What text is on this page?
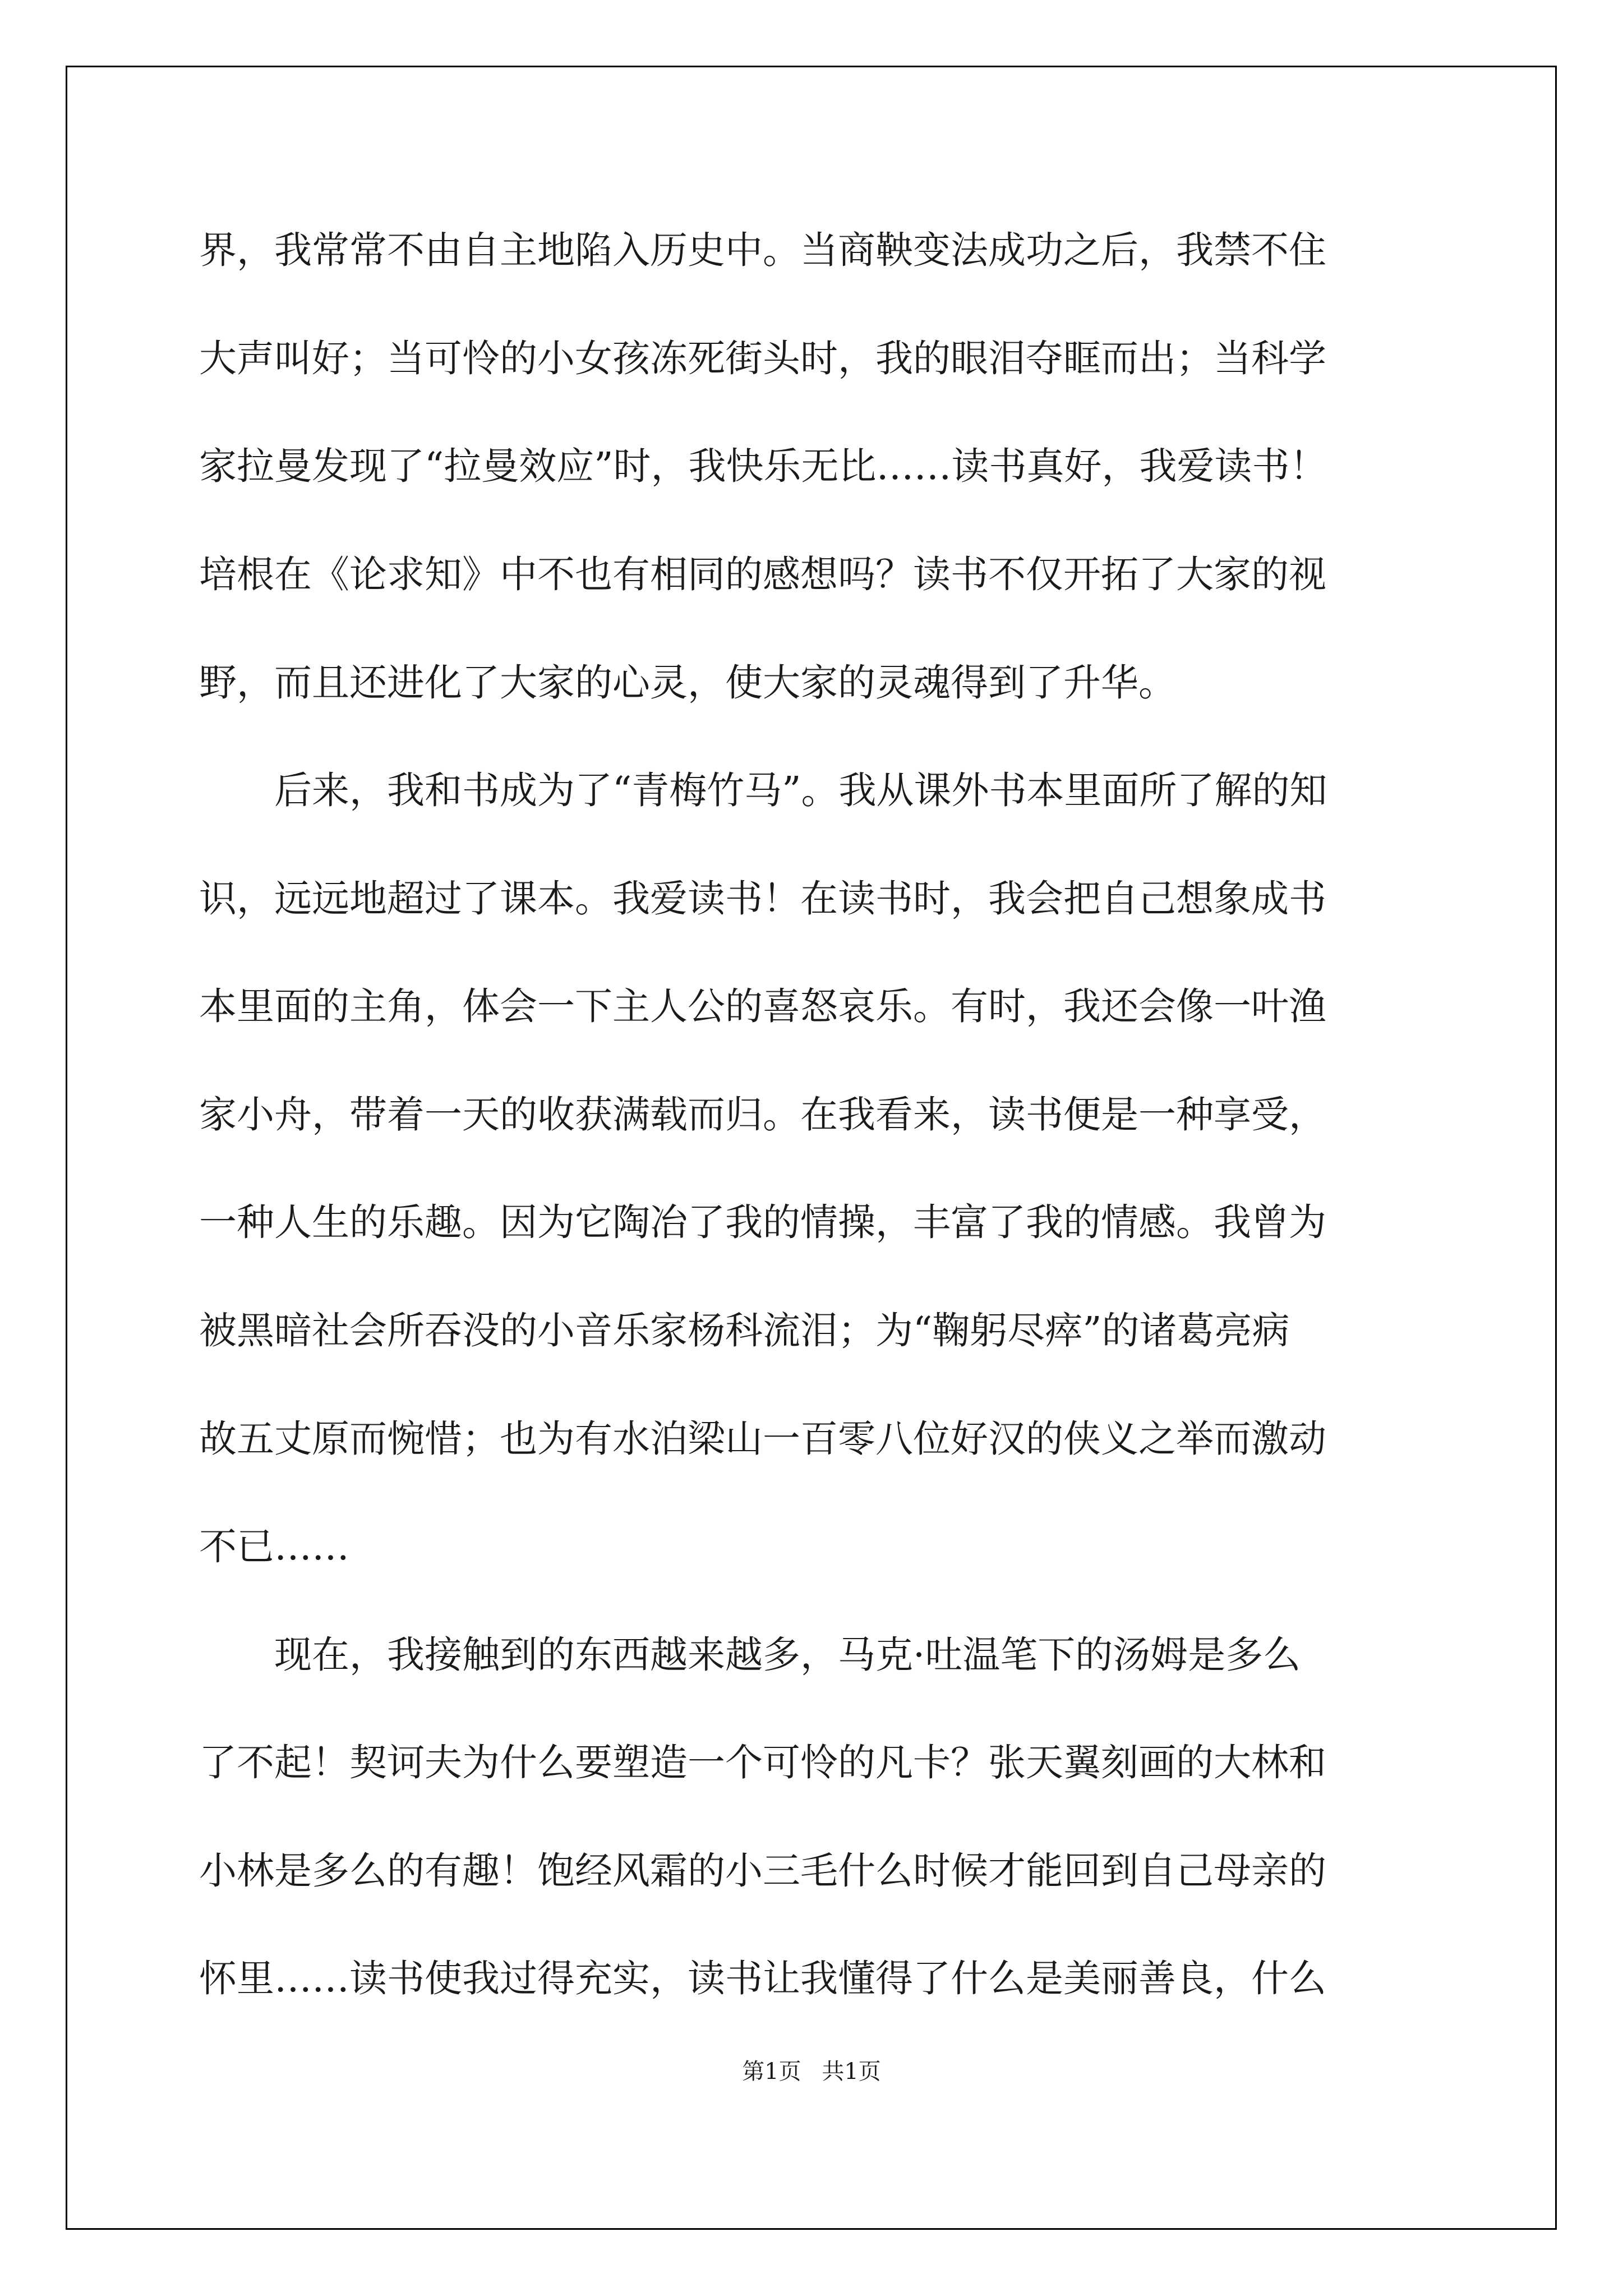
界，我常常不由自主地陷入历史中。当商鞅变法成功之后，我禁不住
大声叫好；当可怜的小女孩冻死街头时，我的眼泪夺眶而出；当科学
家拉曼发现了“拉曼效应”时，我快乐无比……读书真好，我爱读书！
培根在《论求知》中不也有相同的感想吗？读书不仅开拓了大家的视
野，而且还进化了大家的心灵，使大家的灵魂得到了升华。
　　后来，我和书成为了“青梅竹马”。我从课外书本里面所了解的知
识，远远地超过了课本。我爱读书！在读书时，我会把自己想象成书
本里面的主角，体会一下主人公的喜怒哀乐。有时，我还会像一叶渔
家小舟，带着一天的收获满载而归。在我看来，读书便是一种享受，
一种人生的乐趣。因为它陶冶了我的情操，丰富了我的情感。我曾为
被黑暗社会所吞没的小音乐家杨科流泪；为“鞠躬尽瘁”的诸葛亮病
故五丈原而惋惜；也为有水泊梁山一百零八位好汉的侠义之举而激动
不已……
　　现在，我接触到的东西越来越多，马克·吐温笔下的汤姆是多么
了不起！契诃夫为什么要塑造一个可怜的凡卡？张天翼刻画的大林和
小林是多么的有趣！饱经风霜的小三毛什么时候才能回到自己母亲的
怀里……读书使我过得充实，读书让我懂得了什么是美丽善良，什么
第1页 共1页
